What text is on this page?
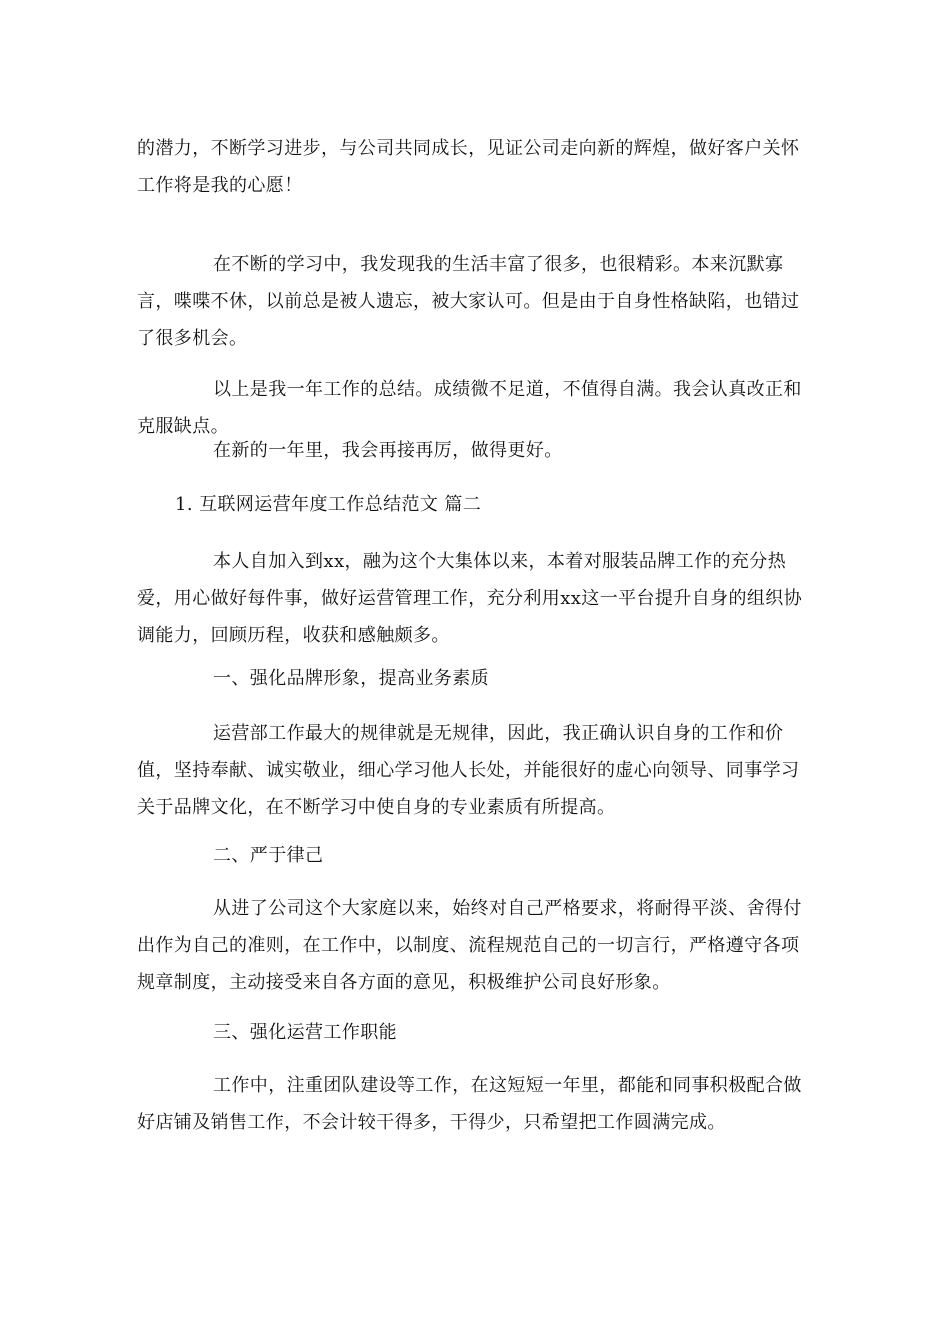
的潜力，不断学习进步，与公司共同成长，见证公司走向新的辉煌，做好客户关怀工作将是我的心愿！

在不断的学习中，我发现我的生活丰富了很多，也很精彩。本来沉默寡言，喋喋不休，以前总是被人遗忘，被大家认可。但是由于自身性格缺陷，也错过了很多机会。

以上是我一年工作的总结。成绩微不足道，不值得自满。我会认真改正和克服缺点。

在新的一年里，我会再接再厉，做得更好。

1. 互联网运营年度工作总结范文 篇二

本人自加入到xx，融为这个大集体以来，本着对服装品牌工作的充分热爱，用心做好每件事，做好运营管理工作，充分利用xx这一平台提升自身的组织协调能力，回顾历程，收获和感触颇多。

一、强化品牌形象，提高业务素质

运营部工作最大的规律就是无规律，因此，我正确认识自身的工作和价值，坚持奉献、诚实敬业，细心学习他人长处，并能很好的虚心向领导、同事学习关于品牌文化，在不断学习中使自身的专业素质有所提高。

二、严于律己

从进了公司这个大家庭以来，始终对自己严格要求，将耐得平淡、舍得付出作为自己的准则，在工作中，以制度、流程规范自己的一切言行，严格遵守各项规章制度，主动接受来自各方面的意见，积极维护公司良好形象。

三、强化运营工作职能

工作中，注重团队建设等工作，在这短短一年里，都能和同事积极配合做好店铺及销售工作，不会计较干得多，干得少，只希望把工作圆满完成。
